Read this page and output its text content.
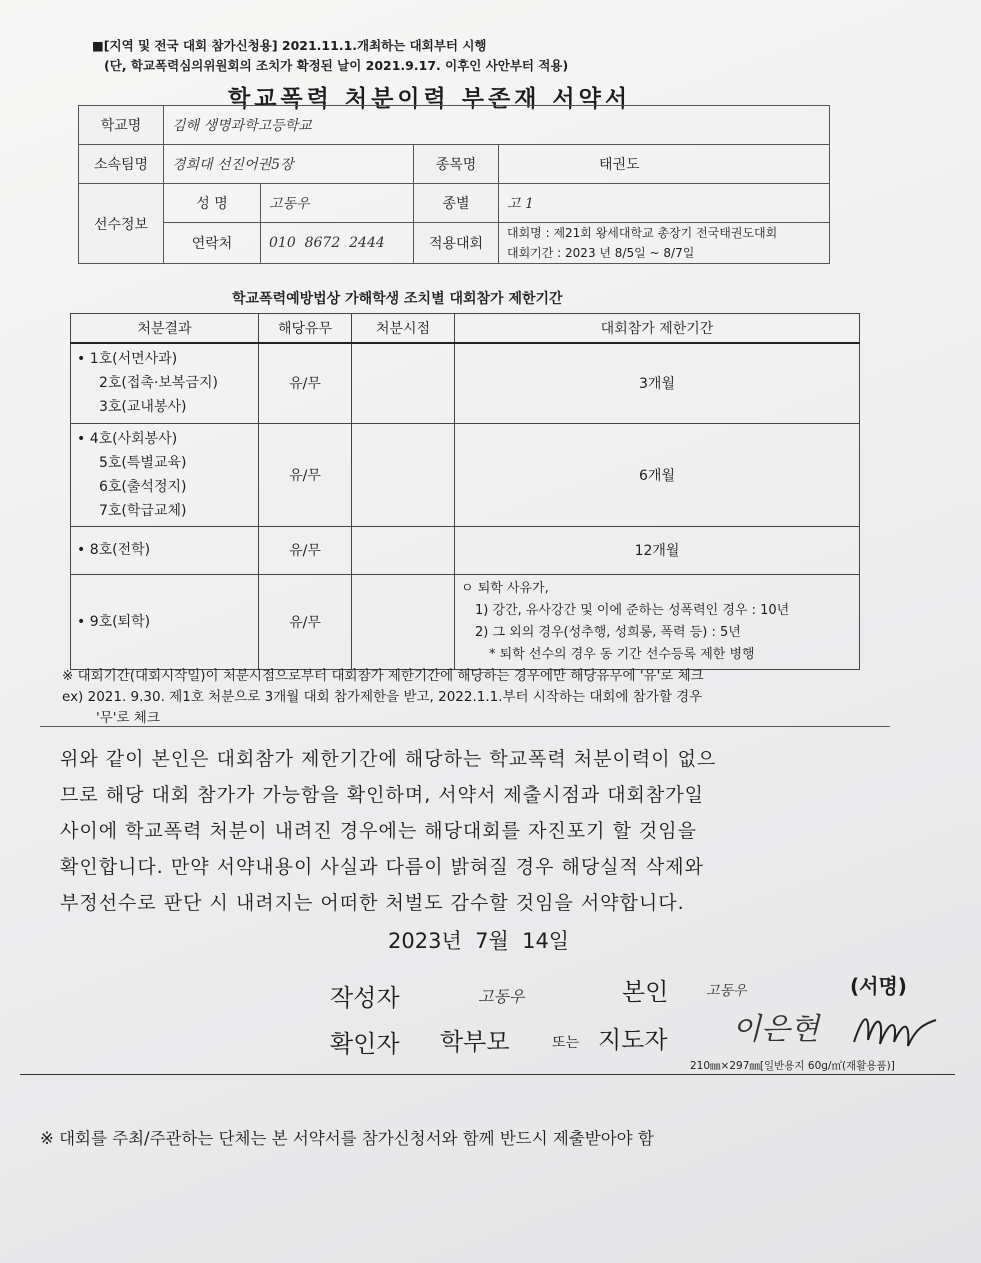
■[지역 및 전국 대회 참가신청용] 2021.11.1.개최하는 대회부터 시행
(단, 학교폭력심의위원회의 조치가 확정된 날이 2021.9.17. 이후인 사안부터 적용)
학교폭력 처분이력 부존재 서약서
학교명	김해 생명과학고등학교			
소속팀명	경희대 선진어권5장		종목명	태권도
선수정보	성 명	고동우	종별	고 1
	연락처	010  8672  2444	적용대회	대회명 : 제21회 왕세대학교 총장기 전국태권도대회
대회기간 : 2023 년 8/5일 ~ 8/7일
학교폭력예방법상 가해학생 조치별 대회참가 제한기간
처분결과	해당유무	처분시점	대회참가 제한기간

• 1호(서면사과)
2호(접촉·보복금지)
3호(교내봉사)	유/무		3개월

• 4호(사회봉사)
5호(특별교육)
6호(출석정지)
7호(학급교체)	유/무		6개월

• 8호(전학)	유/무		12개월

• 9호(퇴학)	유/무		ㅇ 퇴학 사유가,
1) 강간, 유사강간 및 이에 준하는 성폭력인 경우 : 10년
2) 그 외의 경우(성추행, 성희롱, 폭력 등) : 5년
* 퇴학 선수의 경우 동 기간 선수등록 제한 병행
※ 대회기간(대회시작일)이 처분시점으로부터 대회참가 제한기간에 해당하는 경우에만 해당유무에 '유'로 체크
ex) 2021. 9.30. 제1호 처분으로 3개월 대회 참가제한을 받고, 2022.1.1.부터 시작하는 대회에 참가할 경우
'무'로 체크
위와 같이 본인은 대회참가 제한기간에 해당하는 학교폭력 처분이력이 없으
므로 해당 대회 참가가 가능함을 확인하며, 서약서 제출시점과 대회참가일
사이에 학교폭력 처분이 내려진 경우에는 해당대회를 자진포기 할 것임을
확인합니다. 만약 서약내용이 사실과 다름이 밝혀질 경우 해당실적 삭제와
부정선수로 판단 시 내려지는 어떠한 처벌도 감수할 것임을 서약합니다.
2023년  7월  14일
작성자	고동우	본인	고동우	(서명)
확인자 학부모	또는 지도자 이은현
210㎜×297㎜[일반용지 60g/㎡(재활용품)]
※ 대회를 주최/주관하는 단체는 본 서약서를 참가신청서와 함께 반드시 제출받아야 함
